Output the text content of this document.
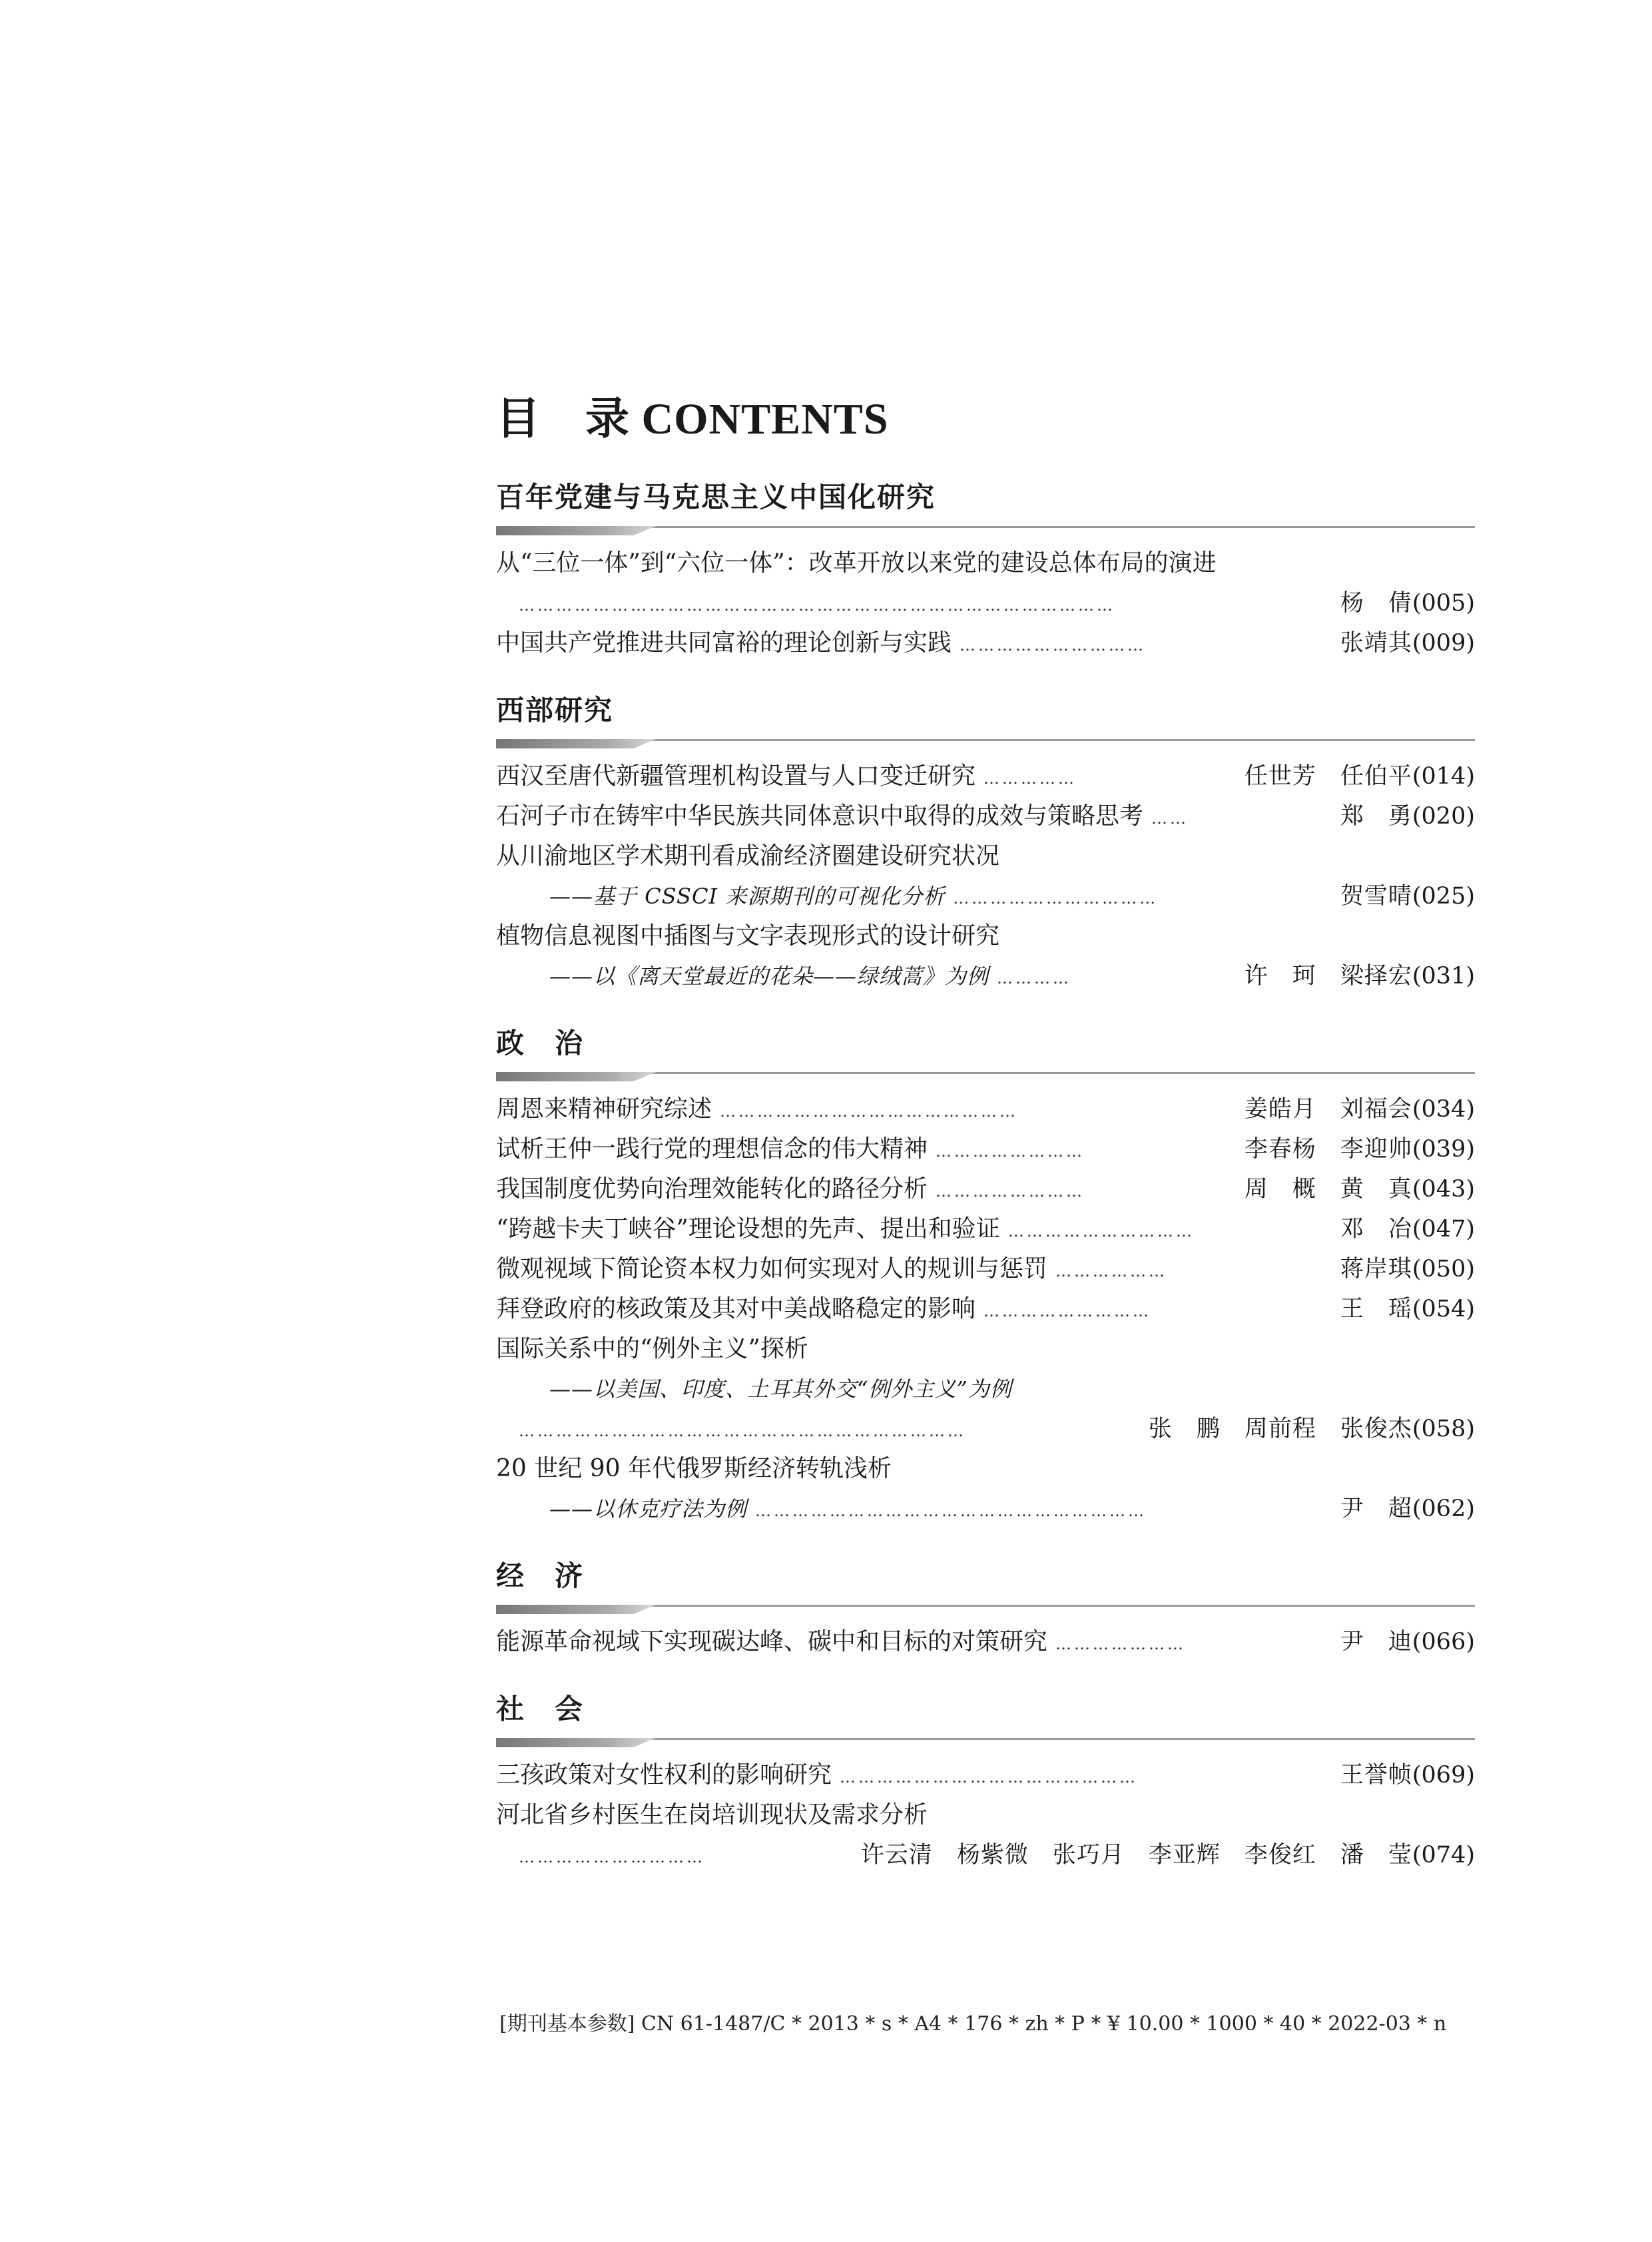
目　录 CONTENTS
百年党建与马克思主义中国化研究
从“三位一体”到“六位一体”：改革开放以来党的建设总体布局的演进
……………………………………………………………………………………	杨　倩 (005)
中国共产党推进共同富裕的理论创新与实践 …………………………	张靖其 (009)
西部研究
西汉至唐代新疆管理机构设置与人口变迁研究 ……………	任世芳　任伯平 (014)
石河子市在铸牢中华民族共同体意识中取得的成效与策略思考 ……	郑　勇 (020)
从川渝地区学术期刊看成渝经济圈建设研究状况
——基于 CSSCI 来源期刊的可视化分析 ……………………………	贺雪晴 (025)
植物信息视图中插图与文字表现形式的设计研究
——以《离天堂最近的花朵——绿绒蒿》为例 …………	许　珂　梁择宏 (031)
政　治
周恩来精神研究综述 …………………………………………	姜皓月　刘福会 (034)
试析王仲一践行党的理想信念的伟大精神 ……………………	李春杨　李迎帅 (039)
我国制度优势向治理效能转化的路径分析 ……………………	周　概　黄　真 (043)
“跨越卡夫丁峡谷”理论设想的先声、提出和验证 …………………………	邓　冶 (047)
微观视域下简论资本权力如何实现对人的规训与惩罚 ………………	蒋岸琪 (050)
拜登政府的核政策及其对中美战略稳定的影响 ………………………	王　瑶 (054)
国际关系中的“例外主义”探析
——以美国、印度、土耳其外交“例外主义”为例
………………………………………………………………	张　鹏　周前程　张俊杰 (058)
20 世纪 90 年代俄罗斯经济转轨浅析
——以休克疗法为例 ………………………………………………………	尹　超 (062)
经　济
能源革命视域下实现碳达峰、碳中和目标的对策研究 …………………	尹　迪 (066)
社　会
三孩政策对女性权利的影响研究 …………………………………………	王誉帧 (069)
河北省乡村医生在岗培训现状及需求分析
…………………………	许云清　杨紫微　张巧月　李亚辉　李俊红　潘　莹 (074)
[期刊基本参数] CN 61-1487/C * 2013 * s * A4 * 176 * zh * P * ¥ 10.00 * 1000 * 40 * 2022-03 * n
